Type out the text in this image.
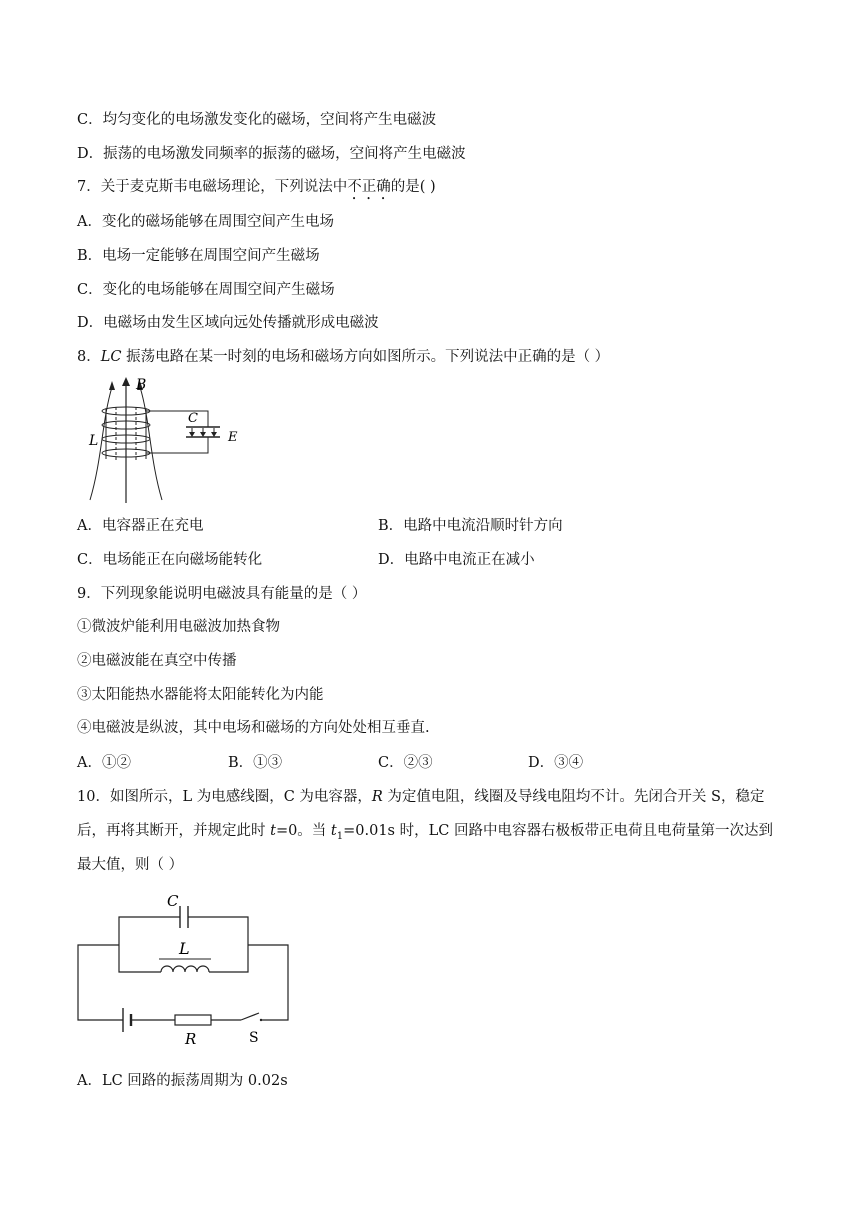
C．均匀变化的电场激发变化的磁场，空间将产生电磁波
D．振荡的电场激发同频率的振荡的磁场，空间将产生电磁波
7．关于麦克斯韦电磁场理论，下列说法中不正确的是( )
A．变化的磁场能够在周围空间产生电场
B．电场一定能够在周围空间产生磁场
C．变化的电场能够在周围空间产生磁场
D．电磁场由发生区域向远处传播就形成电磁波
8．LC 振荡电路在某一时刻的电场和磁场方向如图所示。下列说法中正确的是（ ）
B
C
E
L
A．电容器正在充电	B．电路中电流沿顺时针方向
C．电场能正在向磁场能转化	D．电路中电流正在减小
9．下列现象能说明电磁波具有能量的是（ ）
①微波炉能利用电磁波加热食物
②电磁波能在真空中传播
③太阳能热水器能将太阳能转化为内能
④电磁波是纵波，其中电场和磁场的方向处处相互垂直.
A．①②	B．①③	C．②③	D．③④
10．如图所示，L 为电感线圈，C 为电容器，R 为定值电阻，线圈及导线电阻均不计。先闭合开关 S，稳定
后，再将其断开，并规定此时 t=0。当 $t_1=0.01s$ 时，LC 回路中电容器右极板带正电荷且电荷量第一次达到
最大值，则（ ）
C
L
R	S
A．LC 回路的振荡周期为 0.02s
